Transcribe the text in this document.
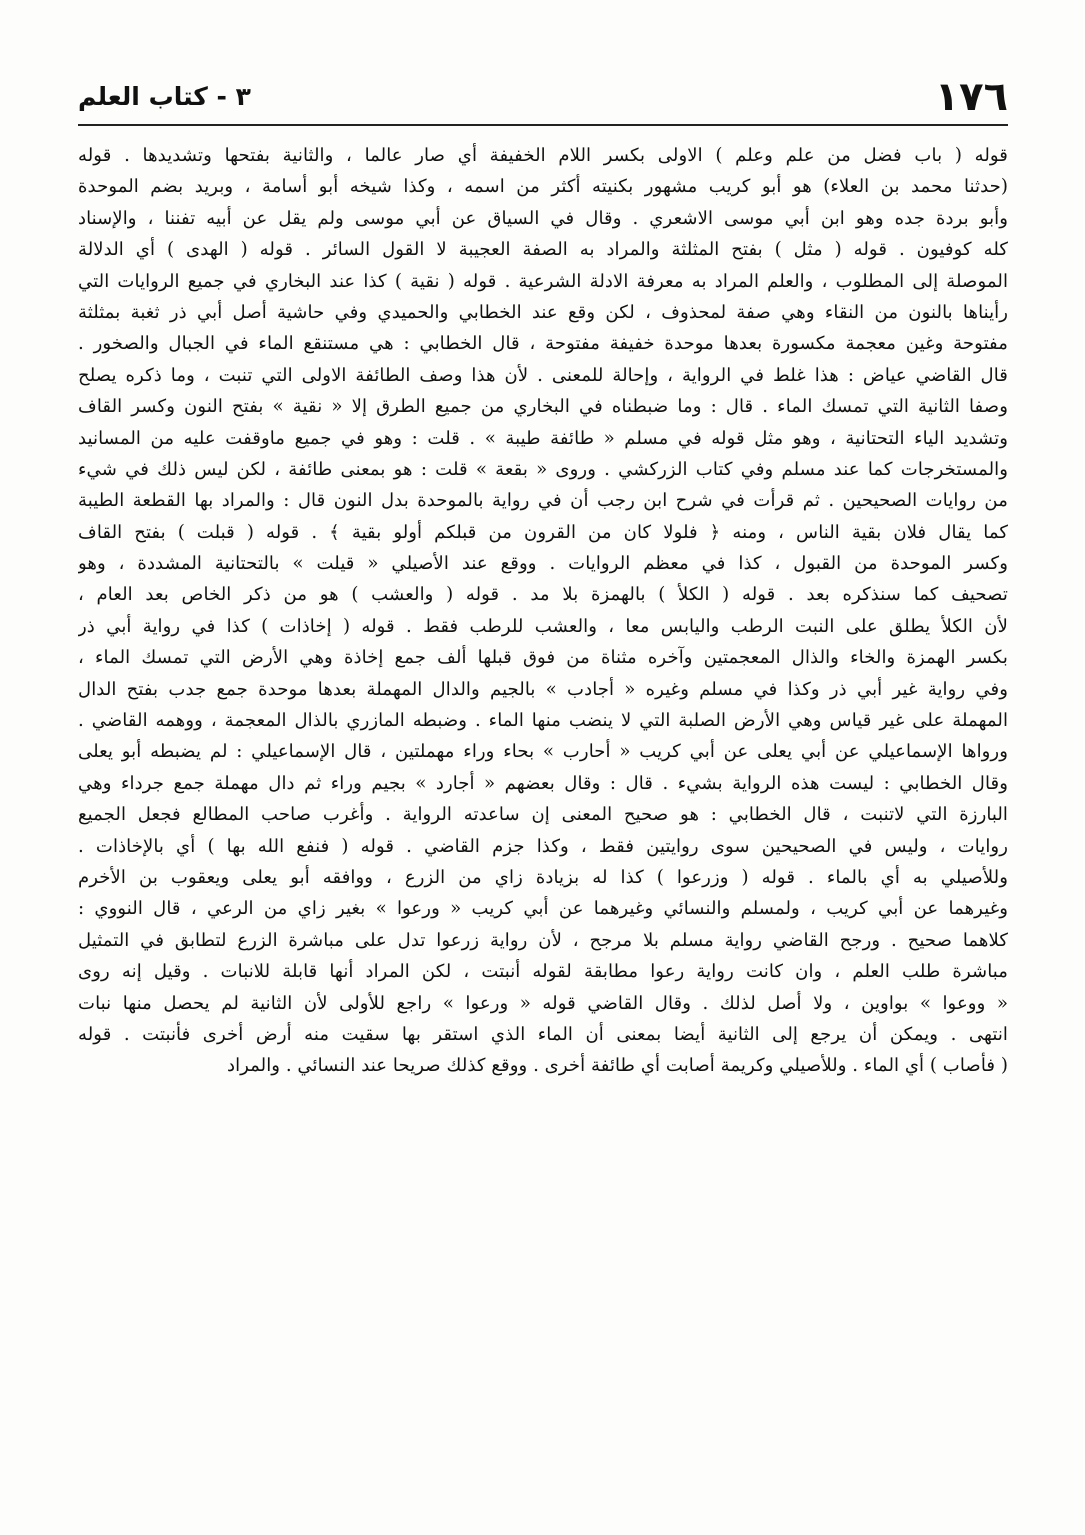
١٧٦
٣ - كتاب العلم
قوله ( باب فضل من علم وعلم ) الاولى بكسر اللام الخفيفة أي صار عالما ، والثانية بفتحها وتشديدها . قوله
(حدثنا محمد بن العلاء) هو أبو كريب مشهور بكنيته أكثر من اسمه ، وكذا شيخه أبو أسامة ، وبريد بضم الموحدة
وأبو بردة جده وهو ابن أبي موسى الاشعري . وقال في السياق عن أبي موسى ولم يقل عن أبيه تفننا ، والإسناد
كله كوفيون . قوله ( مثل ) بفتح المثلثة والمراد به الصفة العجيبة لا القول السائر . قوله ( الهدى ) أي الدلالة
الموصلة إلى المطلوب ، والعلم المراد به معرفة الادلة الشرعية . قوله ( نقية ) كذا عند البخاري في جميع الروايات التي
رأيناها بالنون من النقاء وهي صفة لمحذوف ، لكن وقع عند الخطابي والحميدي وفي حاشية أصل أبي ذر ثغبة بمثلثة
مفتوحة وغين معجمة مكسورة بعدها موحدة خفيفة مفتوحة ، قال الخطابي : هي مستنقع الماء في الجبال والصخور .
قال القاضي عياض : هذا غلط في الرواية ، وإحالة للمعنى . لأن هذا وصف الطائفة الاولى التي تنبت ، وما ذكره يصلح
وصفا الثانية التي تمسك الماء . قال : وما ضبطناه في البخاري من جميع الطرق إلا « نقية » بفتح النون وكسر القاف
وتشديد الياء التحتانية ، وهو مثل قوله في مسلم « طائفة طيبة » . قلت : وهو في جميع ماوقفت عليه من المسانيد
والمستخرجات كما عند مسلم وفي كتاب الزركشي . وروى « بقعة » قلت : هو بمعنى طائفة ، لكن ليس ذلك في شيء
من روايات الصحيحين . ثم قرأت في شرح ابن رجب أن في رواية بالموحدة بدل النون قال : والمراد بها القطعة الطيبة
كما يقال فلان بقية الناس ، ومنه ﴿ فلولا كان من القرون من قبلكم أولو بقية ﴾ . قوله ( قبلت ) بفتح القاف
وكسر الموحدة من القبول ، كذا في معظم الروايات . ووقع عند الأصيلي « قيلت » بالتحتانية المشددة ، وهو
تصحيف كما سنذكره بعد . قوله ( الكلأ ) بالهمزة بلا مد . قوله ( والعشب ) هو من ذكر الخاص بعد العام ،
لأن الكلأ يطلق على النبت الرطب واليابس معا ، والعشب للرطب فقط . قوله ( إخاذات ) كذا في رواية أبي ذر
بكسر الهمزة والخاء والذال المعجمتين وآخره مثناة من فوق قبلها ألف جمع إخاذة وهي الأرض التي تمسك الماء ،
وفي رواية غير أبي ذر وكذا في مسلم وغيره « أجادب » بالجيم والدال المهملة بعدها موحدة جمع جدب بفتح الدال
المهملة على غير قياس وهي الأرض الصلبة التي لا ينضب منها الماء . وضبطه المازري بالذال المعجمة ، ووهمه القاضي .
ورواها الإسماعيلي عن أبي يعلى عن أبي كريب « أحارب » بحاء وراء مهملتين ، قال الإسماعيلي : لم يضبطه أبو يعلى
وقال الخطابي : ليست هذه الرواية بشيء . قال : وقال بعضهم « أجارد » بجيم وراء ثم دال مهملة جمع جرداء وهي
البارزة التي لاتنبت ، قال الخطابي : هو صحيح المعنى إن ساعدته الرواية . وأغرب صاحب المطالع فجعل الجميع
روايات ، وليس في الصحيحين سوى روايتين فقط ، وكذا جزم القاضي . قوله ( فنفع الله بها ) أي بالإخاذات .
وللأصيلي به أي بالماء . قوله ( وزرعوا ) كذا له بزيادة زاي من الزرع ، ووافقه أبو يعلى ويعقوب بن الأخرم
وغيرهما عن أبي كريب ، ولمسلم والنسائي وغيرهما عن أبي كريب « ورعوا » بغير زاي من الرعي ، قال النووي :
كلاهما صحيح . ورجح القاضي رواية مسلم بلا مرجح ، لأن رواية زرعوا تدل على مباشرة الزرع لتطابق في التمثيل
مباشرة طلب العلم ، وان كانت رواية رعوا مطابقة لقوله أنبتت ، لكن المراد أنها قابلة للانبات . وقيل إنه روى
« ووعوا » بواوين ، ولا أصل لذلك . وقال القاضي قوله « ورعوا » راجع للأولى لأن الثانية لم يحصل منها نبات
انتهى . ويمكن أن يرجع إلى الثانية أيضا بمعنى أن الماء الذي استقر بها سقيت منه أرض أخرى فأنبتت . قوله
( فأصاب ) أي الماء . وللأصيلي وكريمة أصابت أي طائفة أخرى . ووقع كذلك صريحا عند النسائي . والمراد
